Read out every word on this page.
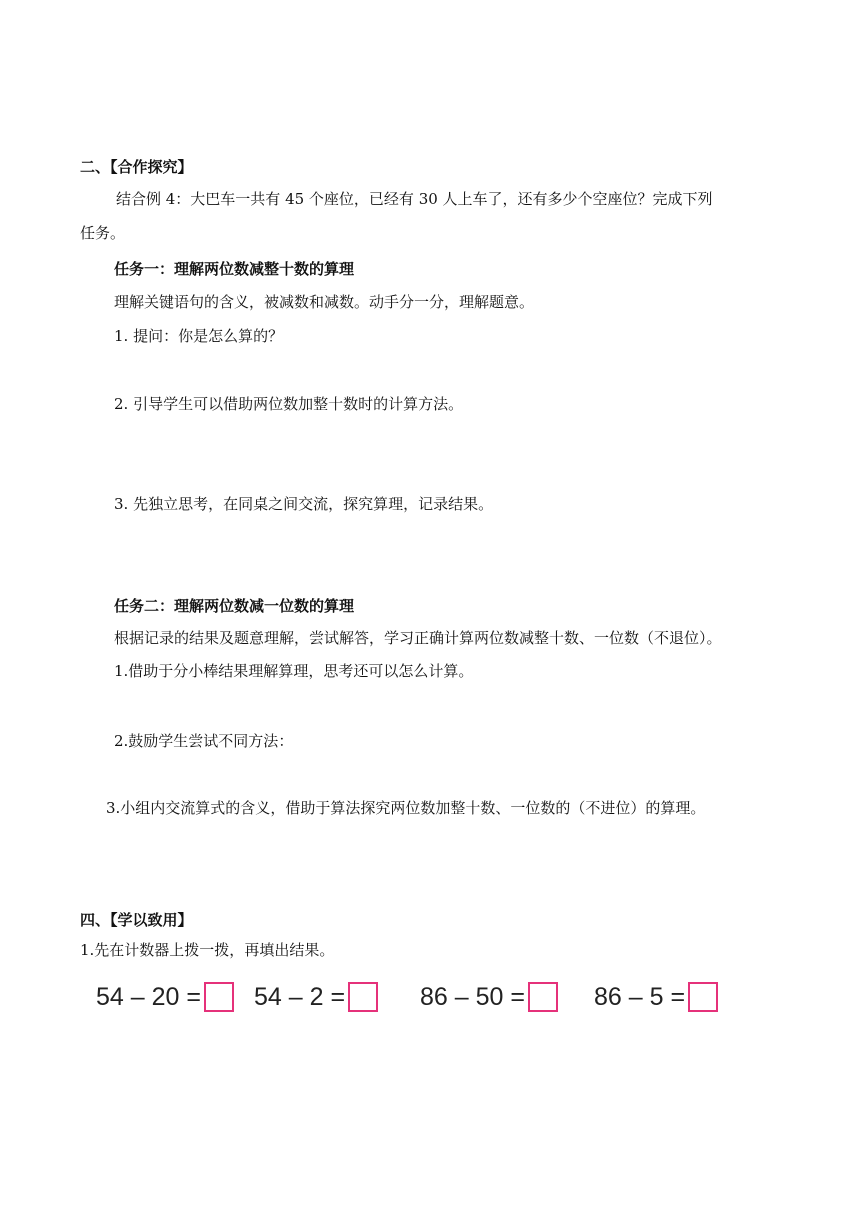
二、【合作探究】
结合例 4：大巴车一共有 45 个座位，已经有 30 人上车了，还有多少个空座位？完成下列
任务。
任务一：理解两位数减整十数的算理
理解关键语句的含义，被减数和减数。动手分一分，理解题意。
1. 提问：你是怎么算的？
2. 引导学生可以借助两位数加整十数时的计算方法。
3. 先独立思考，在同桌之间交流，探究算理，记录结果。
任务二：理解两位数减一位数的算理
根据记录的结果及题意理解，尝试解答，学习正确计算两位数减整十数、一位数（不退位）。
1.借助于分小棒结果理解算理，思考还可以怎么计算。
2.鼓励学生尝试不同方法：
3.小组内交流算式的含义，借助于算法探究两位数加整十数、一位数的（不进位）的算理。
四、【学以致用】
1.先在计数器上拨一拨，再填出结果。
54 – 20 = 54 – 2 =	86 – 50 =	86 – 5 =
